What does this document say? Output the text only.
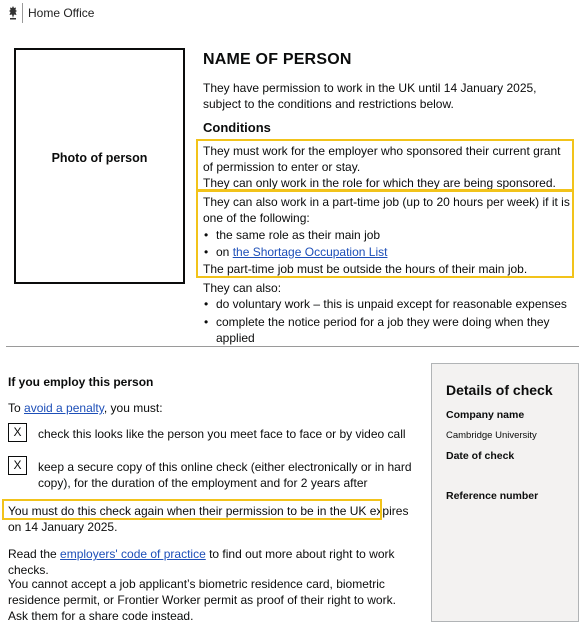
Home Office
Photo of person
NAME OF PERSON
They have permission to work in the UK until 14 January 2025, subject to the conditions and restrictions below.
Conditions
They must work for the employer who sponsored their current grant of permission to enter or stay.
They can only work in the role for which they are being sponsored.
They can also work in a part-time job (up to 20 hours per week) if it is one of the following:
• the same role as their main job
• on the Shortage Occupation List
The part-time job must be outside the hours of their main job.
They can also:
• do voluntary work – this is unpaid except for reasonable expenses
• complete the notice period for a job they were doing when they applied
If you employ this person
To avoid a penalty, you must:
X	check this looks like the person you meet face to face or by video call
X	keep a secure copy of this online check (either electronically or in hard copy), for the duration of the employment and for 2 years after
You must do this check again when their permission to be in the UK expires on 14 January 2025.
Read the employers' code of practice to find out more about right to work checks.
You cannot accept a job applicant’s biometric residence card, biometric residence permit, or Frontier Worker permit as proof of their right to work. Ask them for a share code instead.
Details of check
Company name
Cambridge University
Date of check
Reference number
